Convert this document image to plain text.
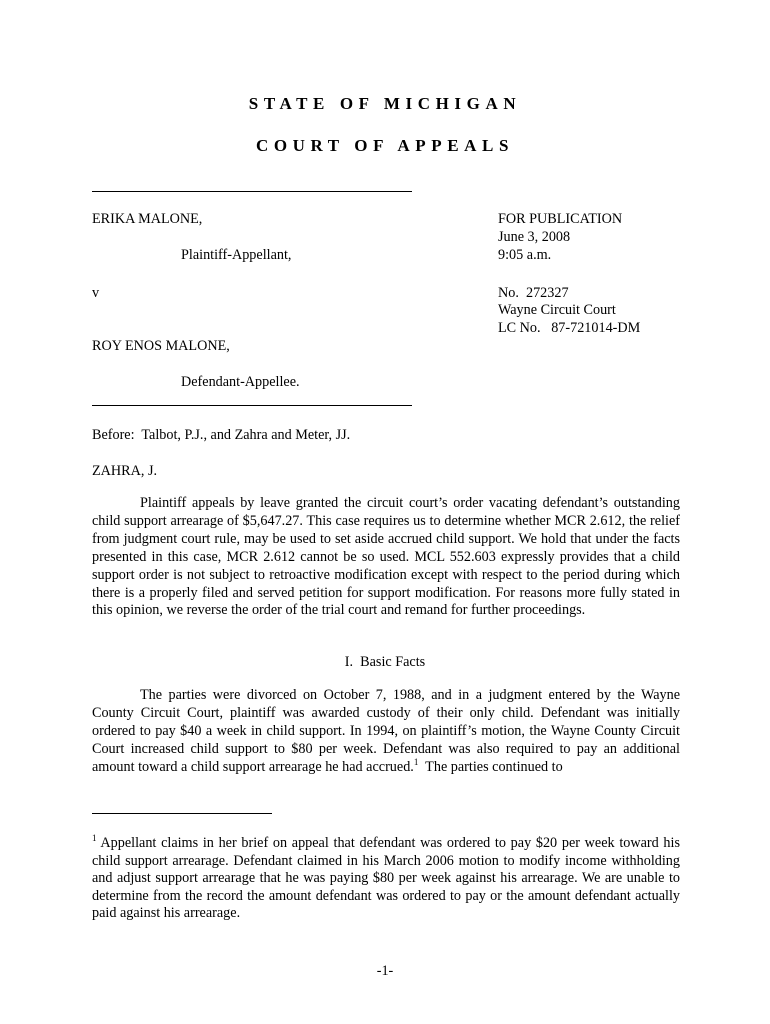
STATE OF MICHIGAN
COURT OF APPEALS
ERIKA MALONE,
Plaintiff-Appellant,
v
ROY ENOS MALONE,
Defendant-Appellee.
FOR PUBLICATION
June 3, 2008
9:05 a.m.
No.  272327
Wayne Circuit Court
LC No.   87-721014-DM
Before:  Talbot, P.J., and Zahra and Meter, JJ.
ZAHRA, J.
Plaintiff appeals by leave granted the circuit court’s order vacating defendant’s outstanding child support arrearage of $5,647.27. This case requires us to determine whether MCR 2.612, the relief from judgment court rule, may be used to set aside accrued child support. We hold that under the facts presented in this case, MCR 2.612 cannot be so used. MCL 552.603 expressly provides that a child support order is not subject to retroactive modification except with respect to the period during which there is a properly filed and served petition for support modification. For reasons more fully stated in this opinion, we reverse the order of the trial court and remand for further proceedings.
I.  Basic Facts
The parties were divorced on October 7, 1988, and in a judgment entered by the Wayne County Circuit Court, plaintiff was awarded custody of their only child. Defendant was initially ordered to pay $40 a week in child support. In 1994, on plaintiff’s motion, the Wayne County Circuit Court increased child support to $80 per week. Defendant was also required to pay an additional amount toward a child support arrearage he had accrued.$^1$  The parties continued to
$^1$ Appellant claims in her brief on appeal that defendant was ordered to pay $20 per week toward his child support arrearage. Defendant claimed in his March 2006 motion to modify income withholding and adjust support arrearage that he was paying $80 per week against his arrearage. We are unable to determine from the record the amount defendant was ordered to pay or the amount defendant actually paid against his arrearage.
-1-
